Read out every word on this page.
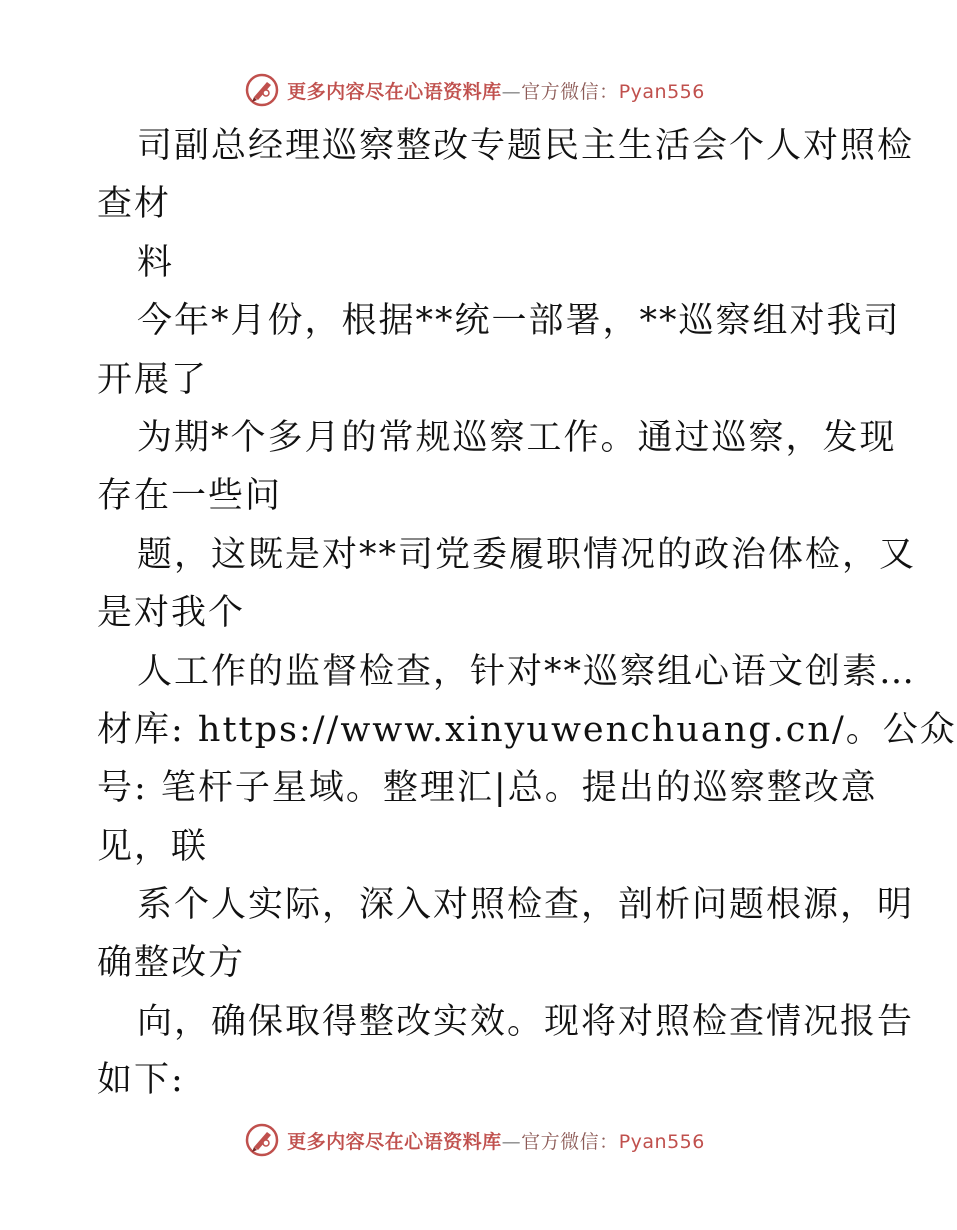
更多内容尽在心语资料库—官方微信：Pyan556
司副总经理巡察整改专题民主生活会个人对照检
查材
料
今年*月份，根据**统一部署，**巡察组对我司
开展了
为期*个多月的常规巡察工作。通过巡察，发现
存在一些问
题，这既是对**司党委履职情况的政治体检，又
是对我个
人工作的监督检查，针对**巡察组心语文创素…
材库: https://www.xinyuwenchuang.cn/。公众
号: 笔杆子星域。整理汇|总。提出的巡察整改意
见，联
系个人实际，深入对照检查，剖析问题根源，明
确整改方
向，确保取得整改实效。现将对照检查情况报告
如下:
更多内容尽在心语资料库—官方微信：Pyan556
